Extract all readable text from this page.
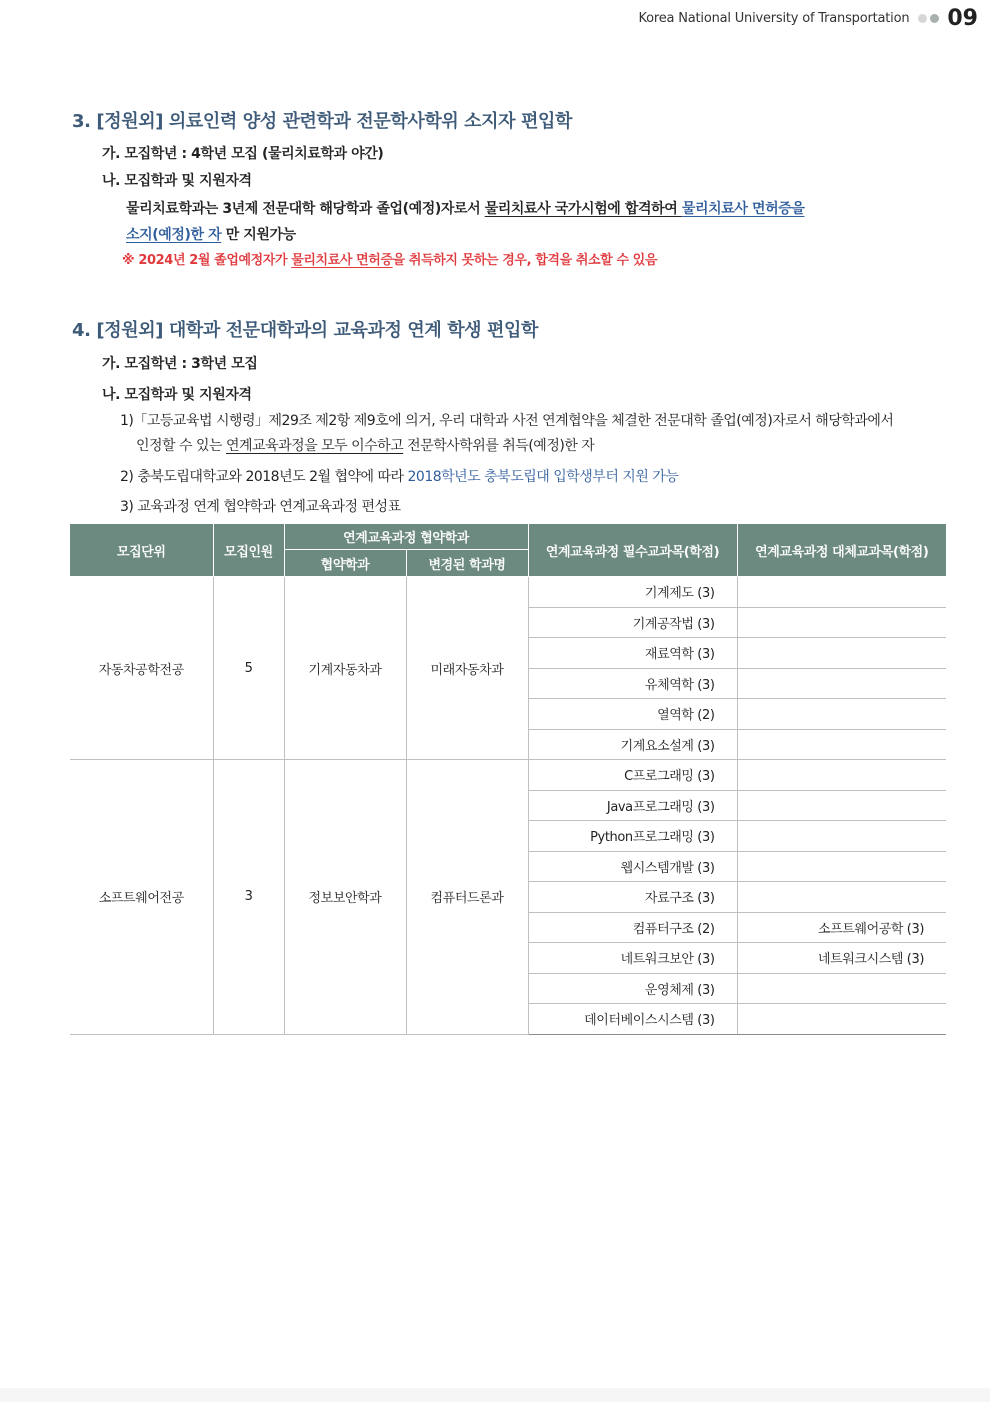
Korea National University of Transportation 09
3. [정원외] 의료인력 양성 관련학과 전문학사학위 소지자 편입학
가. 모집학년 : 4학년 모집 (물리치료학과 야간)
나. 모집학과 및 지원자격
물리치료학과는 3년제 전문대학 해당학과 졸업(예정)자로서 물리치료사 국가시험에 합격하여 물리치료사 면허증을
소지(예정)한 자 만 지원가능
※ 2024년 2월 졸업예정자가 물리치료사 면허증을 취득하지 못하는 경우, 합격을 취소할 수 있음
4. [정원외] 대학과 전문대학과의 교육과정 연계 학생 편입학
가. 모집학년 : 3학년 모집
나. 모집학과 및 지원자격
1)「고등교육법 시행령」제29조 제2항 제9호에 의거, 우리 대학과 사전 연계협약을 체결한 전문대학 졸업(예정)자로서 해당학과에서
인정할 수 있는 연계교육과정을 모두 이수하고 전문학사학위를 취득(예정)한 자
2) 충북도립대학교와 2018년도 2월 협약에 따라 2018학년도 충북도립대 입학생부터 지원 가능
3) 교육과정 연계 협약학과 연계교육과정 편성표
모집단위	모집인원	연계교육과정 협약학과		연계교육과정 필수교과목(학점)	연계교육과정 대체교과목(학점)
		협약학과	변경된 학과명		
자동차공학전공	5	기계자동차과	미래자동차과	기계제도 (3)	
				기계공작법 (3)	
				재료역학 (3)	
				유체역학 (3)	
				열역학 (2)	
				기계요소설계 (3)	
소프트웨어전공	3	정보보안학과	컴퓨터드론과	C프로그래밍 (3)	
				Java프로그래밍 (3)	
				Python프로그래밍 (3)	
				웹시스템개발 (3)	
				자료구조 (3)	
				컴퓨터구조 (2)	소프트웨어공학 (3)
				네트워크보안 (3)	네트워크시스템 (3)
				운영체제 (3)	
				데이터베이스시스템 (3)	
